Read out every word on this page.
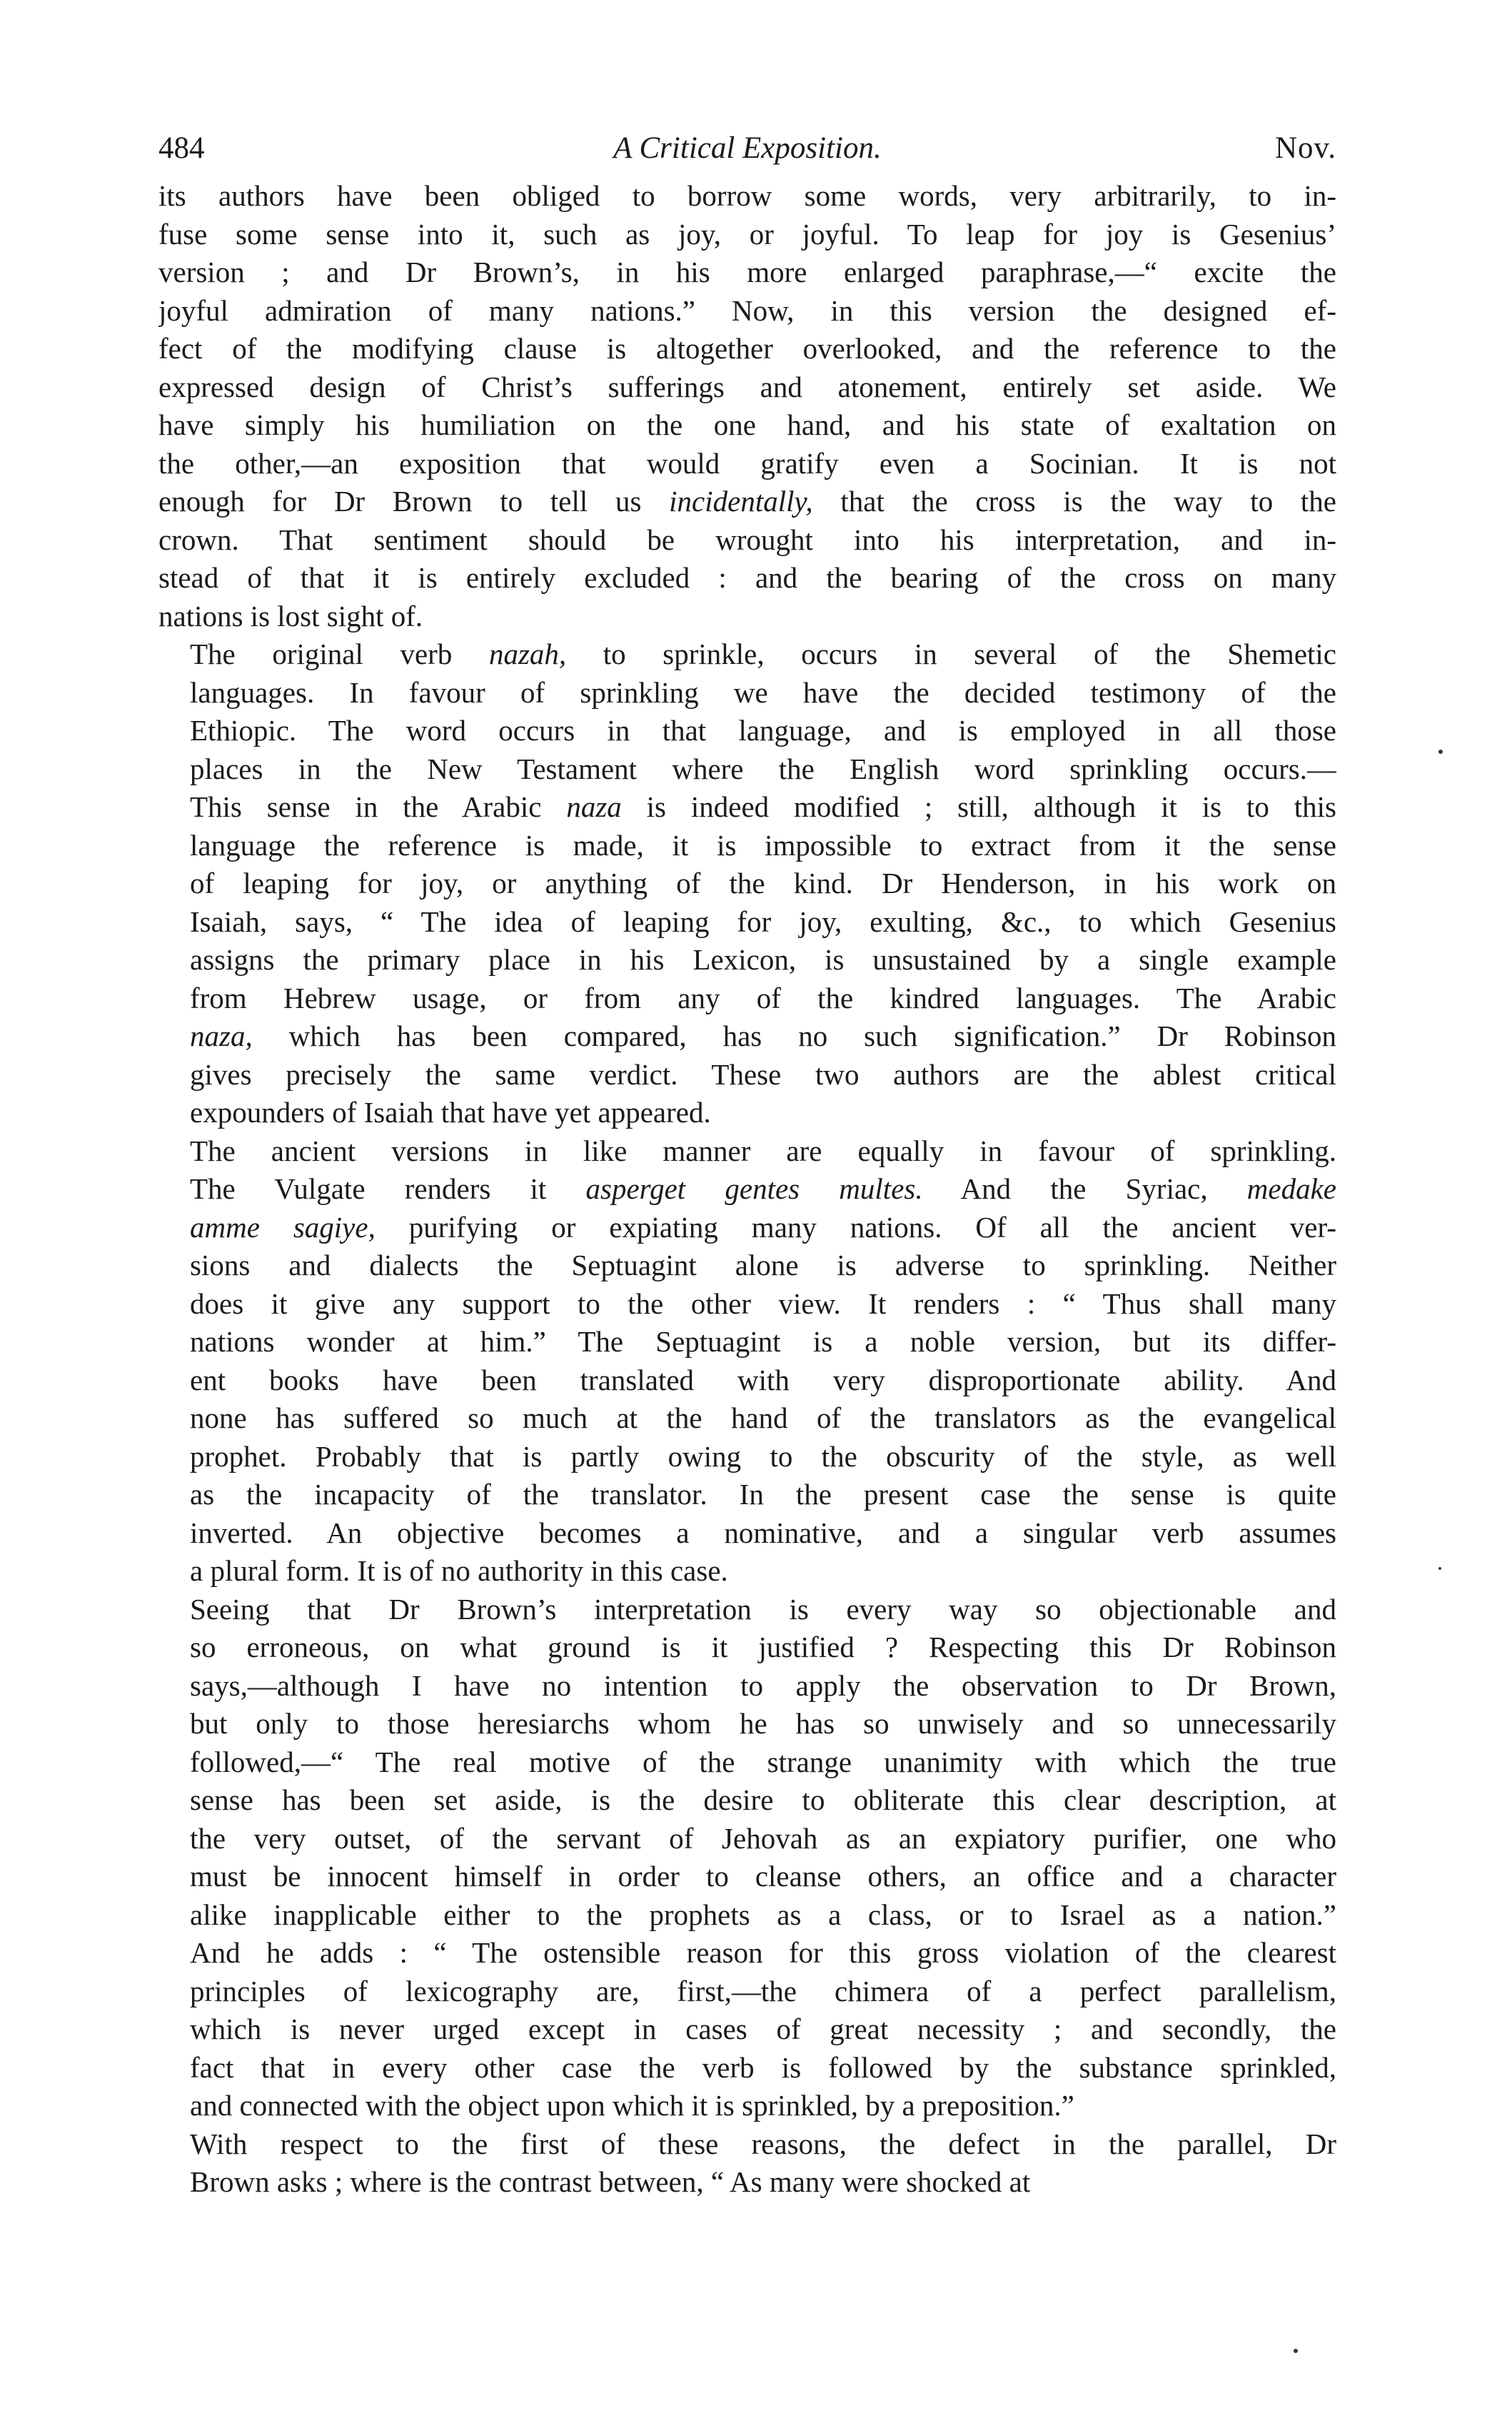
484	A Critical Exposition.	Nov.

its authors have been obliged to borrow some words, very arbitrarily, to in-
fuse some sense into it, such as joy, or joyful. To leap for joy is Gesenius’
version ; and Dr Brown’s, in his more enlarged paraphrase,—“ excite the
joyful admiration of many nations.” Now, in this version the designed ef-
fect of the modifying clause is altogether overlooked, and the reference to the
expressed design of Christ’s sufferings and atonement, entirely set aside. We
have simply his humiliation on the one hand, and his state of exaltation on
the other,—an exposition that would gratify even a Socinian. It is not
enough for Dr Brown to tell us incidentally, that the cross is the way to the
crown. That sentiment should be wrought into his interpretation, and in-
stead of that it is entirely excluded : and the bearing of the cross on many
nations is lost sight of.

The original verb nazah, to sprinkle, occurs in several of the Shemetic
languages. In favour of sprinkling we have the decided testimony of the
Ethiopic. The word occurs in that language, and is employed in all those
places in the New Testament where the English word sprinkling occurs.—
This sense in the Arabic naza is indeed modified ; still, although it is to this
language the reference is made, it is impossible to extract from it the sense
of leaping for joy, or anything of the kind. Dr Henderson, in his work on
Isaiah, says, “ The idea of leaping for joy, exulting, &c., to which Gesenius
assigns the primary place in his Lexicon, is unsustained by a single example
from Hebrew usage, or from any of the kindred languages. The Arabic
naza, which has been compared, has no such signification.” Dr Robinson
gives precisely the same verdict. These two authors are the ablest critical
expounders of Isaiah that have yet appeared.

The ancient versions in like manner are equally in favour of sprinkling.
The Vulgate renders it asperget gentes multes. And the Syriac, medake
amme sagiye, purifying or expiating many nations. Of all the ancient ver-
sions and dialects the Septuagint alone is adverse to sprinkling. Neither
does it give any support to the other view. It renders : “ Thus shall many
nations wonder at him.” The Septuagint is a noble version, but its differ-
ent books have been translated with very disproportionate ability. And
none has suffered so much at the hand of the translators as the evangelical
prophet. Probably that is partly owing to the obscurity of the style, as well
as the incapacity of the translator. In the present case the sense is quite
inverted. An objective becomes a nominative, and a singular verb assumes
a plural form. It is of no authority in this case.

Seeing that Dr Brown’s interpretation is every way so objectionable and
so erroneous, on what ground is it justified ? Respecting this Dr Robinson
says,—although I have no intention to apply the observation to Dr Brown,
but only to those heresiarchs whom he has so unwisely and so unnecessarily
followed,—“ The real motive of the strange unanimity with which the true
sense has been set aside, is the desire to obliterate this clear description, at
the very outset, of the servant of Jehovah as an expiatory purifier, one who
must be innocent himself in order to cleanse others, an office and a character
alike inapplicable either to the prophets as a class, or to Israel as a nation.”
And he adds : “ The ostensible reason for this gross violation of the clearest
principles of lexicography are, first,—the chimera of a perfect parallelism,
which is never urged except in cases of great necessity ; and secondly, the
fact that in every other case the verb is followed by the substance sprinkled,
and connected with the object upon which it is sprinkled, by a preposition.”

With respect to the first of these reasons, the defect in the parallel, Dr
Brown asks ; where is the contrast between, “ As many were shocked at
